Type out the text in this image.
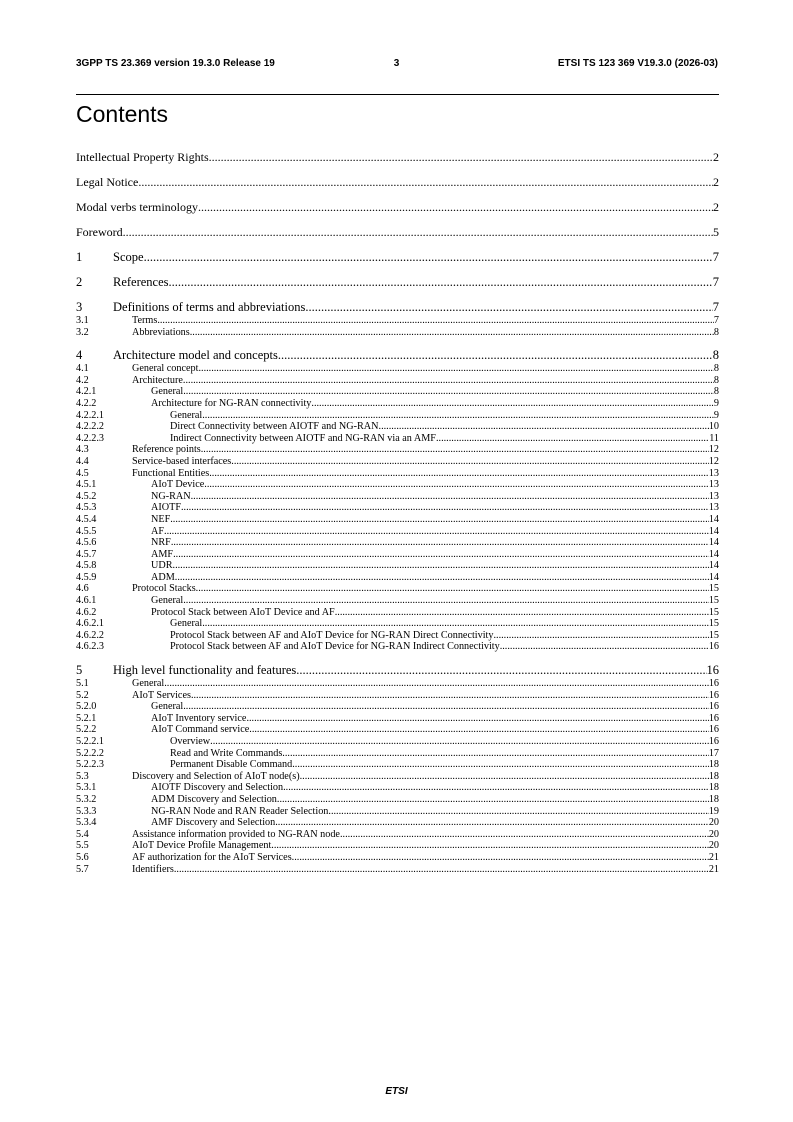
3GPP TS 23.369 version 19.3.0 Release 19	3	ETSI TS 123 369 V19.3.0 (2026-03)
Contents
Intellectual Property Rights .....	2
Legal Notice .....	2
Modal verbs terminology .....	2
Foreword .....	5
1	Scope .....	7
2	References .....	7
3	Definitions of terms and abbreviations .....	7
3.1	Terms .....	7
3.2	Abbreviations .....	8
4	Architecture model and concepts .....	8
4.1	General concept .....	8
4.2	Architecture .....	8
4.2.1	General .....	8
4.2.2	Architecture for NG-RAN connectivity .....	9
4.2.2.1	General .....	9
4.2.2.2	Direct Connectivity between AIOTF and NG-RAN .....	10
4.2.2.3	Indirect Connectivity between AIOTF and NG-RAN via an AMF .....	11
4.3	Reference points .....	12
4.4	Service-based interfaces .....	12
4.5	Functional Entities .....	13
4.5.1	AIoT Device .....	13
4.5.2	NG-RAN .....	13
4.5.3	AIOTF .....	13
4.5.4	NEF .....	14
4.5.5	AF .....	14
4.5.6	NRF .....	14
4.5.7	AMF .....	14
4.5.8	UDR .....	14
4.5.9	ADM .....	14
4.6	Protocol Stacks .....	15
4.6.1	General .....	15
4.6.2	Protocol Stack between AIoT Device and AF .....	15
4.6.2.1	General .....	15
4.6.2.2	Protocol Stack between AF and AIoT Device for NG-RAN Direct Connectivity .....	15
4.6.2.3	Protocol Stack between AF and AIoT Device for NG-RAN Indirect Connectivity .....	16
5	High level functionality and features .....	16
5.1	General .....	16
5.2	AIoT Services .....	16
5.2.0	General .....	16
5.2.1	AIoT Inventory service .....	16
5.2.2	AIoT Command service .....	16
5.2.2.1	Overview .....	16
5.2.2.2	Read and Write Commands .....	17
5.2.2.3	Permanent Disable Command .....	18
5.3	Discovery and Selection of AIoT node(s) .....	18
5.3.1	AIOTF Discovery and Selection .....	18
5.3.2	ADM Discovery and Selection .....	18
5.3.3	NG-RAN Node and RAN Reader Selection .....	19
5.3.4	AMF Discovery and Selection .....	20
5.4	Assistance information provided to NG-RAN node .....	20
5.5	AIoT Device Profile Management .....	20
5.6	AF authorization for the AIoT Services .....	21
5.7	Identifiers .....	21
ETSI
